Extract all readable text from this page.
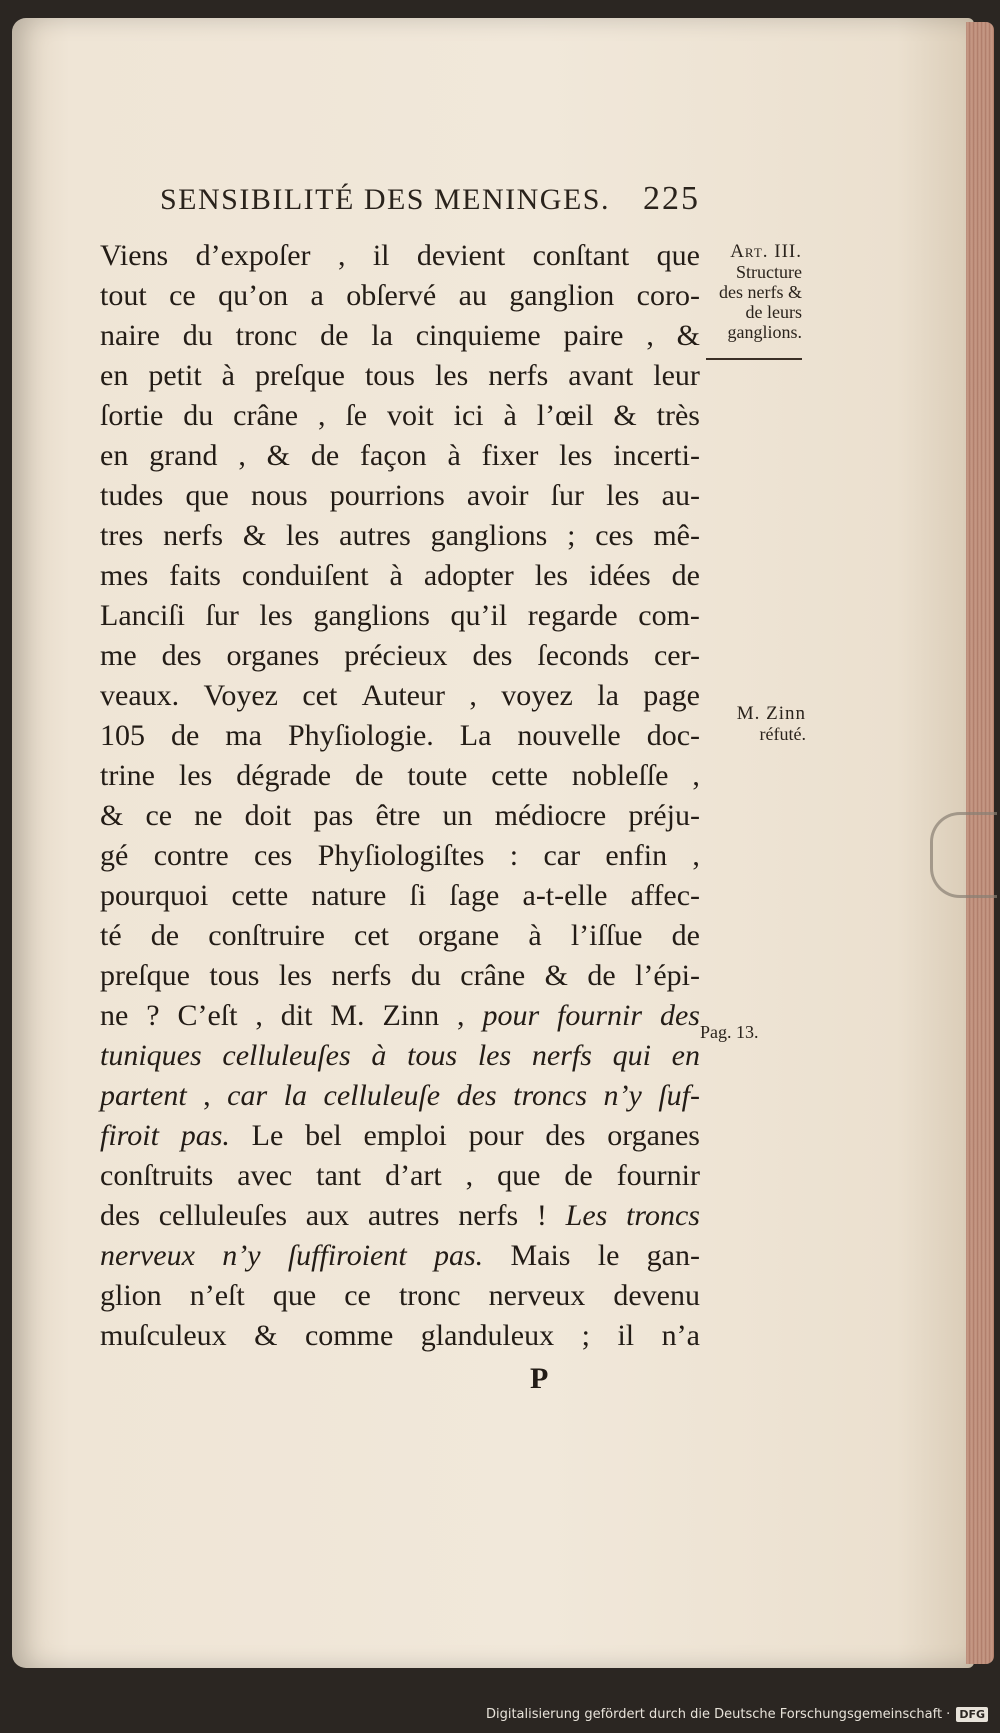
SENSIBILITÉ DES MENINGES. 225
Viens d’expoſer , il devient conſtant que
tout ce qu’on a obſervé au ganglion coro-
naire du tronc de la cinquieme paire , &
en petit à preſque tous les nerfs avant leur
ſortie du crâne , ſe voit ici à l’œil & très
en grand , & de façon à fixer les incerti-
tudes que nous pourrions avoir ſur les au-
tres nerfs & les autres ganglions ; ces mê-
mes faits conduiſent à adopter les idées de
Lanciſi ſur les ganglions qu’il regarde com-
me des organes précieux des ſeconds cer-
veaux. Voyez cet Auteur , voyez la page
105 de ma Phyſiologie. La nouvelle doc-
trine les dégrade de toute cette nobleſſe ,
& ce ne doit pas être un médiocre préju-
gé contre ces Phyſiologiſtes : car enfin ,
pourquoi cette nature ſi ſage a-t-elle affec-
té de conſtruire cet organe à l’iſſue de
preſque tous les nerfs du crâne & de l’épi-
ne ? C’eſt , dit M. Zinn , pour fournir des
tuniques celluleuſes à tous les nerfs qui en
partent , car la celluleuſe des troncs n’y ſuf-
firoit pas. Le bel emploi pour des organes
conſtruits avec tant d’art , que de fournir
des celluleuſes aux autres nerfs ! Les troncs
nerveux n’y ſuffiroient pas. Mais le gan-
glion n’eſt que ce tronc nerveux devenu
muſculeux & comme glanduleux ; il n’a
P
Art. III.
Structure
des nerfs &
de leurs
ganglions.
M. Zinn
réfuté.
Pag. 13.
Digitalisierung gefördert durch die Deutsche Forschungsgemeinschaft · DFG
